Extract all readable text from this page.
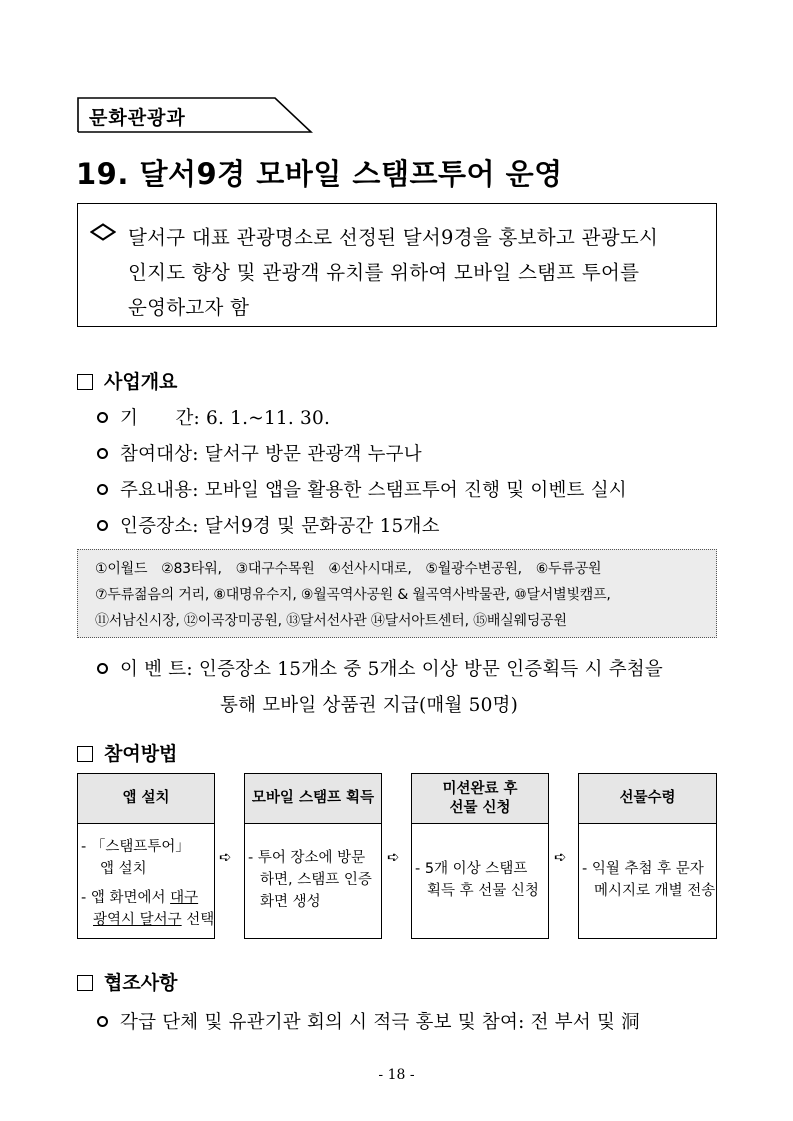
문화관광과
19. 달서9경 모바일 스탬프투어 운영
달서구 대표 관광명소로 선정된 달서9경을 홍보하고 관광도시
인지도 향상 및 관광객 유치를 위하여 모바일 스탬프 투어를
운영하고자 함
사업개요
기　　간: 6. 1.~11. 30.
참여대상: 달서구 방문 관광객 누구나
주요내용: 모바일 앱을 활용한 스탬프투어 진행 및 이벤트 실시
인증장소: 달서9경 및 문화공간 15개소
①이월드　②83타워,　③대구수목원　④선사시대로,　⑤월광수변공원,　⑥두류공원
⑦두류젊음의 거리, ⑧대명유수지, ⑨월곡역사공원 & 월곡역사박물관, ⑩달서별빛캠프,
⑪서남신시장, ⑫이곡장미공원, ⑬달서선사관 ⑭달서아트센터, ⑮배실웨딩공원
이 벤 트: 인증장소 15개소 중 5개소 이상 방문 인증획득 시 추첨을
통해 모바일 상품권 지급(매월 50명)
참여방법
앱 설치
- 「스탬프투어」
앱 설치
- 앱 화면에서 대구
광역시 달서구 선택
➪
모바일 스탬프 획득
- 투어 장소에 방문
하면, 스탬프 인증
화면 생성
➪
미션완료 후
선물 신청
- 5개 이상 스탬프
획득 후 선물 신청
➪
선물수령
- 익월 추첨 후 문자
메시지로 개별 전송
협조사항
각급 단체 및 유관기관 회의 시 적극 홍보 및 참여: 전 부서 및 洞
- 18 -
